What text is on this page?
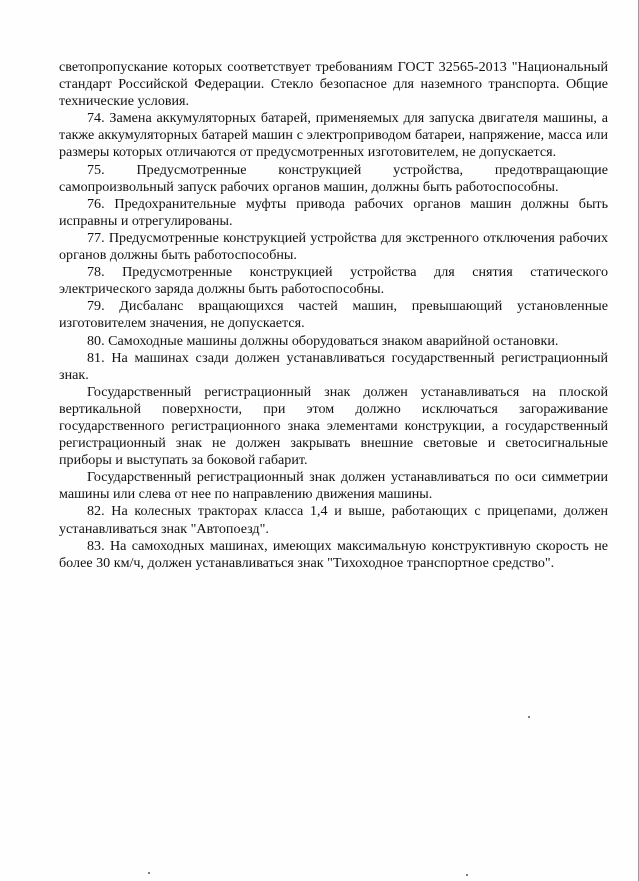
светопропускание которых соответствует требованиям ГОСТ 32565-2013 "Национальный стандарт Российской Федерации. Стекло безопасное для наземного транспорта. Общие технические условия.

74. Замена аккумуляторных батарей, применяемых для запуска двигателя машины, а также аккумуляторных батарей машин с электроприводом батареи, напряжение, масса или размеры которых отличаются от предусмотренных изготовителем, не допускается.

75. Предусмотренные конструкцией устройства, предотвращающие самопроизвольный запуск рабочих органов машин, должны быть работоспособны.

76. Предохранительные муфты привода рабочих органов машин должны быть исправны и отрегулированы.

77. Предусмотренные конструкцией устройства для экстренного отключения рабочих органов должны быть работоспособны.

78. Предусмотренные конструкцией устройства для снятия статического электрического заряда должны быть работоспособны.

79. Дисбаланс вращающихся частей машин, превышающий установленные изготовителем значения, не допускается.

80. Самоходные машины должны оборудоваться знаком аварийной остановки.

81. На машинах сзади должен устанавливаться государственный регистрационный знак.

Государственный регистрационный знак должен устанавливаться на плоской вертикальной поверхности, при этом должно исключаться загораживание государственного регистрационного знака элементами конструкции, а государственный регистрационный знак не должен закрывать внешние световые и светосигнальные приборы и выступать за боковой габарит.

Государственный регистрационный знак должен устанавливаться по оси симметрии машины или слева от нее по направлению движения машины.

82. На колесных тракторах класса 1,4 и выше, работающих с прицепами, должен устанавливаться знак "Автопоезд".

83. На самоходных машинах, имеющих максимальную конструктивную скорость не более 30 км/ч, должен устанавливаться знак "Тихоходное транспортное средство".
